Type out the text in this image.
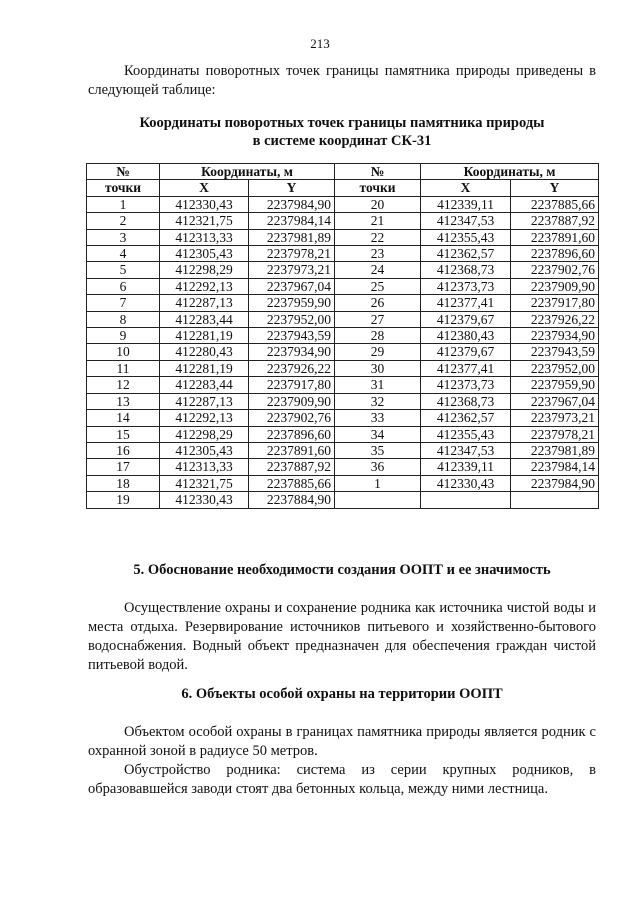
213

Координаты поворотных точек границы памятника природы приведены в следующей таблице:

Координаты поворотных точек границы памятника природы
в системе координат СК-31
№	Координаты, м		№	Координаты, м	
точки	X	Y	точки	X	Y
1	412330,43	2237984,90	20	412339,11	2237885,66
2	412321,75	2237984,14	21	412347,53	2237887,92
3	412313,33	2237981,89	22	412355,43	2237891,60
4	412305,43	2237978,21	23	412362,57	2237896,60
5	412298,29	2237973,21	24	412368,73	2237902,76
6	412292,13	2237967,04	25	412373,73	2237909,90
7	412287,13	2237959,90	26	412377,41	2237917,80
8	412283,44	2237952,00	27	412379,67	2237926,22
9	412281,19	2237943,59	28	412380,43	2237934,90
10	412280,43	2237934,90	29	412379,67	2237943,59
11	412281,19	2237926,22	30	412377,41	2237952,00
12	412283,44	2237917,80	31	412373,73	2237959,90
13	412287,13	2237909,90	32	412368,73	2237967,04
14	412292,13	2237902,76	33	412362,57	2237973,21
15	412298,29	2237896,60	34	412355,43	2237978,21
16	412305,43	2237891,60	35	412347,53	2237981,89
17	412313,33	2237887,92	36	412339,11	2237984,14
18	412321,75	2237885,66	1	412330,43	2237984,90
19	412330,43	2237884,90			
5. Обоснование необходимости создания ООПТ и ее значимость

Осуществление охраны и сохранение родника как источника чистой воды и места отдыха. Резервирование источников питьевого и хозяйственно-бытового водоснабжения. Водный объект предназначен для обеспечения граждан чистой питьевой водой.

6. Объекты особой охраны на территории ООПТ

Объектом особой охраны в границах памятника природы является родник с охранной зоной в радиусе 50 метров.

Обустройство родника: система из серии крупных родников, в образовавшейся заводи стоят два бетонных кольца, между ними лестница.
